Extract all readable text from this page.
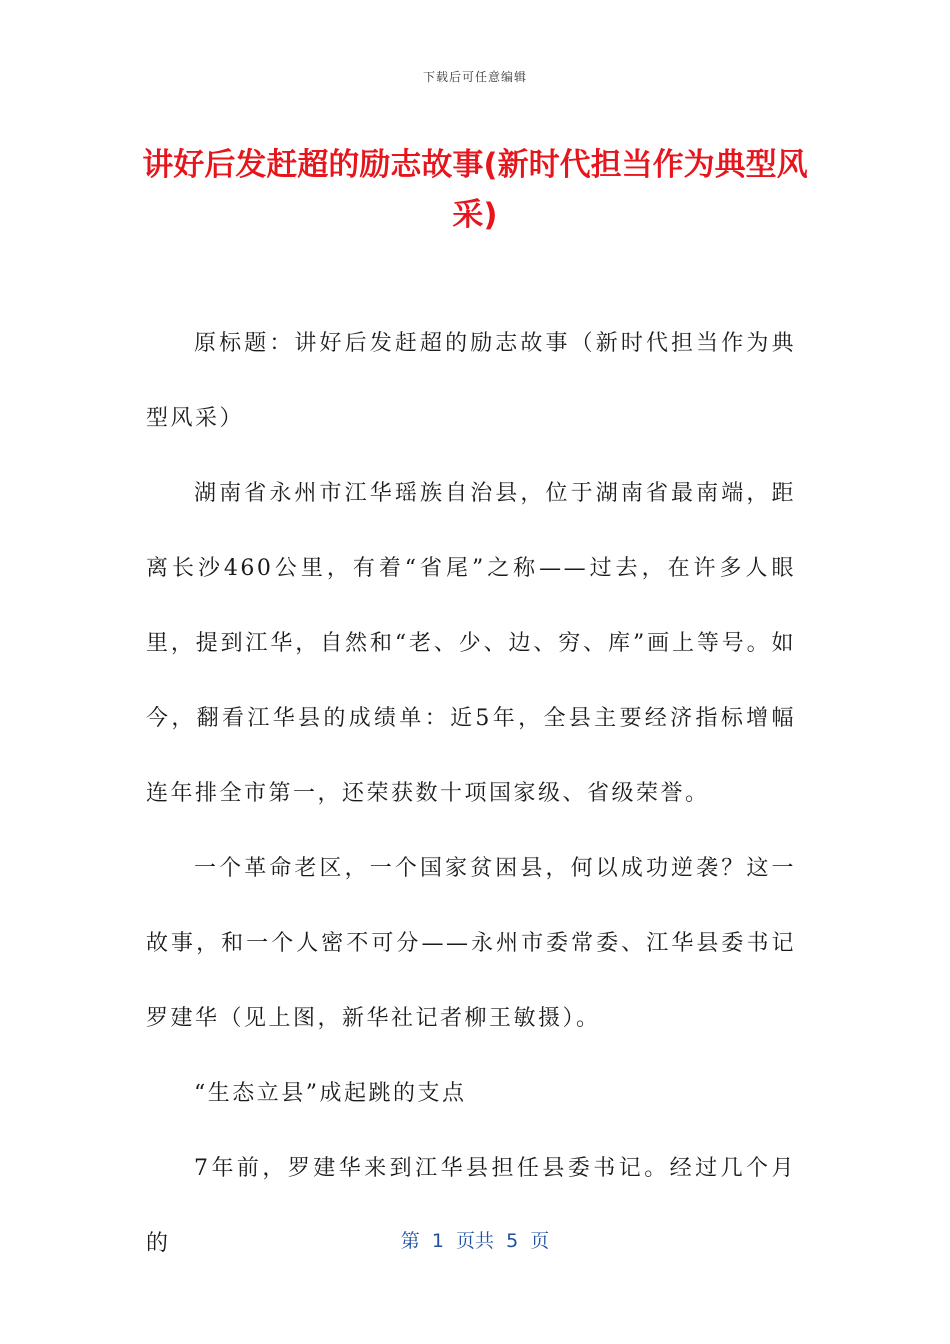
下载后可任意编辑
讲好后发赶超的励志故事(新时代担当作为典型风采)

原标题：讲好后发赶超的励志故事（新时代担当作为典型风采）

湖南省永州市江华瑶族自治县，位于湖南省最南端，距离长沙460公里，有着“省尾”之称——过去，在许多人眼里，提到江华，自然和“老、少、边、穷、库”画上等号。如今，翻看江华县的成绩单：近5年，全县主要经济指标增幅连年排全市第一，还荣获数十项国家级、省级荣誉。

一个革命老区，一个国家贫困县，何以成功逆袭？这一故事，和一个人密不可分——永州市委常委、江华县委书记罗建华（见上图，新华社记者柳王敏摄）。

“生态立县”成起跳的支点

7年前，罗建华来到江华县担任县委书记。经过几个月的	第  1  页共  5  页
